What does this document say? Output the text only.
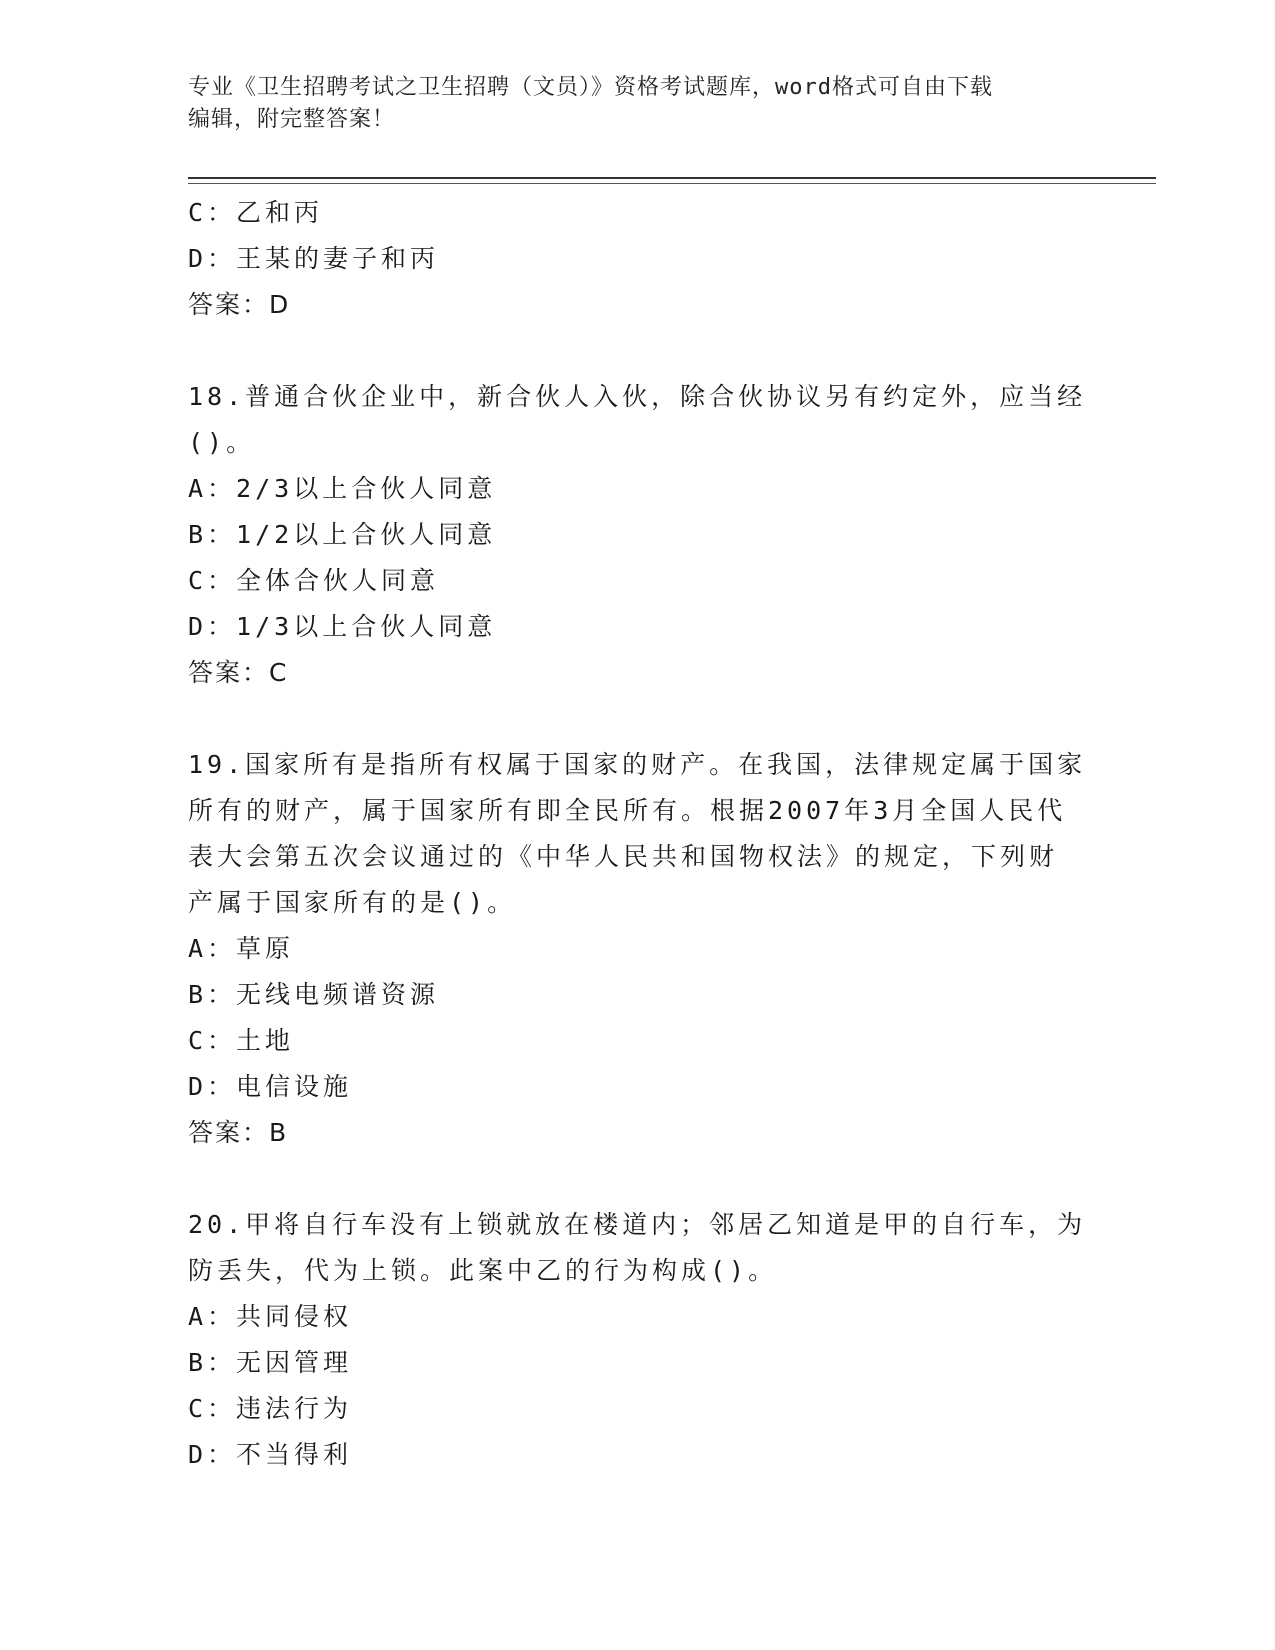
专业《卫生招聘考试之卫生招聘（文员）》资格考试题库，word格式可自由下载
编辑，附完整答案！
C：乙和丙
D：王某的妻子和丙
答案：D
18.普通合伙企业中，新合伙人入伙，除合伙协议另有约定外，应当经
()。
A：2/3以上合伙人同意
B：1/2以上合伙人同意
C：全体合伙人同意
D：1/3以上合伙人同意
答案：C
19.国家所有是指所有权属于国家的财产。在我国，法律规定属于国家
所有的财产，属于国家所有即全民所有。根据2007年3月全国人民代
表大会第五次会议通过的《中华人民共和国物权法》的规定，下列财
产属于国家所有的是()。
A：草原
B：无线电频谱资源
C：土地
D：电信设施
答案：B
20.甲将自行车没有上锁就放在楼道内；邻居乙知道是甲的自行车，为
防丢失，代为上锁。此案中乙的行为构成()。
A：共同侵权
B：无因管理
C：违法行为
D：不当得利
